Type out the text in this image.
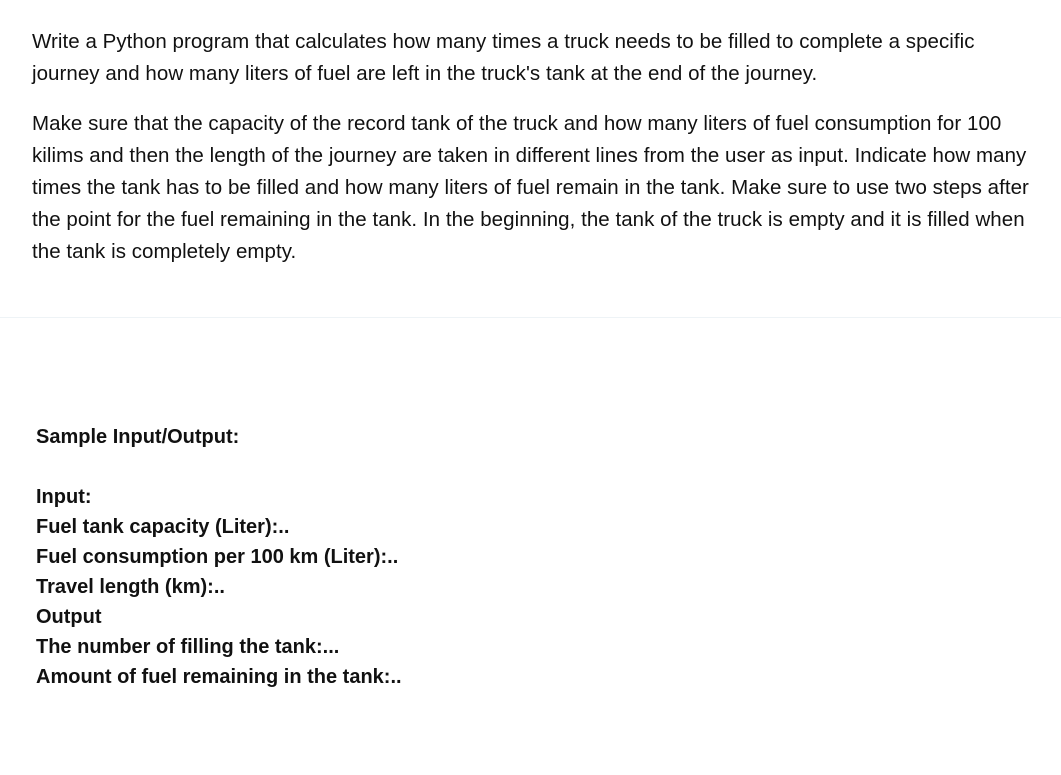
Write a Python program that calculates how many times a truck needs to be filled to complete a specific journey and how many liters of fuel are left in the truck's tank at the end of the journey.

Make sure that the capacity of the record tank of the truck and how many liters of fuel consumption for 100 kilims and then the length of the journey are taken in different lines from the user as input. Indicate how many times the tank has to be filled and how many liters of fuel remain in the tank. Make sure to use two steps after the point for the fuel remaining in the tank. In the beginning, the tank of the truck is empty and it is filled when the tank is completely empty.

Sample Input/Output:

Input:
Fuel tank capacity (Liter):..
Fuel consumption per 100 km (Liter):..
Travel length (km):..
Output
The number of filling the tank:...
Amount of fuel remaining in the tank:..
